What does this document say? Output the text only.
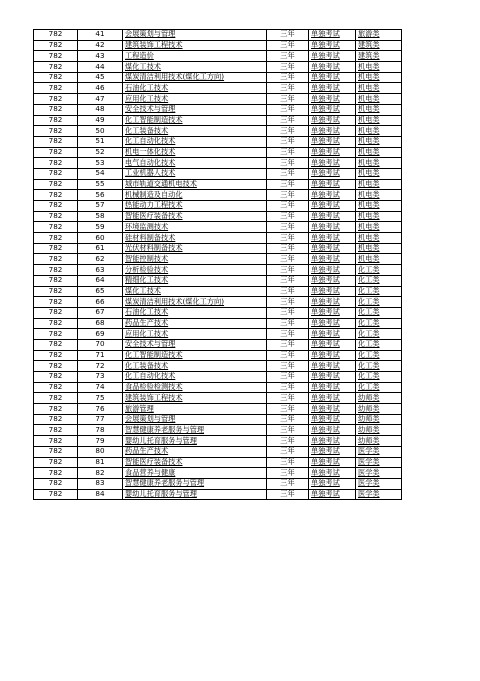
782	41	会展策划与管理	三年	单独考试	旅游类
782	42	建筑装饰工程技术	三年	单独考试	建筑类
782	43	工程造价	三年	单独考试	建筑类
782	44	煤化工技术	三年	单独考试	机电类
782	45	煤炭清洁利用技术(煤化工方向)	三年	单独考试	机电类
782	46	石油化工技术	三年	单独考试	机电类
782	47	应用化工技术	三年	单独考试	机电类
782	48	安全技术与管理	三年	单独考试	机电类
782	49	化工智能制造技术	三年	单独考试	机电类
782	50	化工装备技术	三年	单独考试	机电类
782	51	化工自动化技术	三年	单独考试	机电类
782	52	机电一体化技术	三年	单独考试	机电类
782	53	电气自动化技术	三年	单独考试	机电类
782	54	工业机器人技术	三年	单独考试	机电类
782	55	城市轨道交通机电技术	三年	单独考试	机电类
782	56	机械制造及自动化	三年	单独考试	机电类
782	57	热能动力工程技术	三年	单独考试	机电类
782	58	智能医疗装备技术	三年	单独考试	机电类
782	59	环境监测技术	三年	单独考试	机电类
782	60	硅材料制备技术	三年	单独考试	机电类
782	61	光伏材料制备技术	三年	单独考试	机电类
782	62	智能控制技术	三年	单独考试	机电类
782	63	分析检验技术	三年	单独考试	化工类
782	64	精细化工技术	三年	单独考试	化工类
782	65	煤化工技术	三年	单独考试	化工类
782	66	煤炭清洁利用技术(煤化工方向)	三年	单独考试	化工类
782	67	石油化工技术	三年	单独考试	化工类
782	68	药品生产技术	三年	单独考试	化工类
782	69	应用化工技术	三年	单独考试	化工类
782	70	安全技术与管理	三年	单独考试	化工类
782	71	化工智能制造技术	三年	单独考试	化工类
782	72	化工装备技术	三年	单独考试	化工类
782	73	化工自动化技术	三年	单独考试	化工类
782	74	食品检验检测技术	三年	单独考试	化工类
782	75	建筑装饰工程技术	三年	单独考试	幼师类
782	76	旅游管理	三年	单独考试	幼师类
782	77	会展策划与管理	三年	单独考试	幼师类
782	78	智慧健康养老服务与管理	三年	单独考试	幼师类
782	79	婴幼儿托育服务与管理	三年	单独考试	幼师类
782	80	药品生产技术	三年	单独考试	医学类
782	81	智能医疗装备技术	三年	单独考试	医学类
782	82	食品营养与健康	三年	单独考试	医学类
782	83	智慧健康养老服务与管理	三年	单独考试	医学类
782	84	婴幼儿托育服务与管理	三年	单独考试	医学类
